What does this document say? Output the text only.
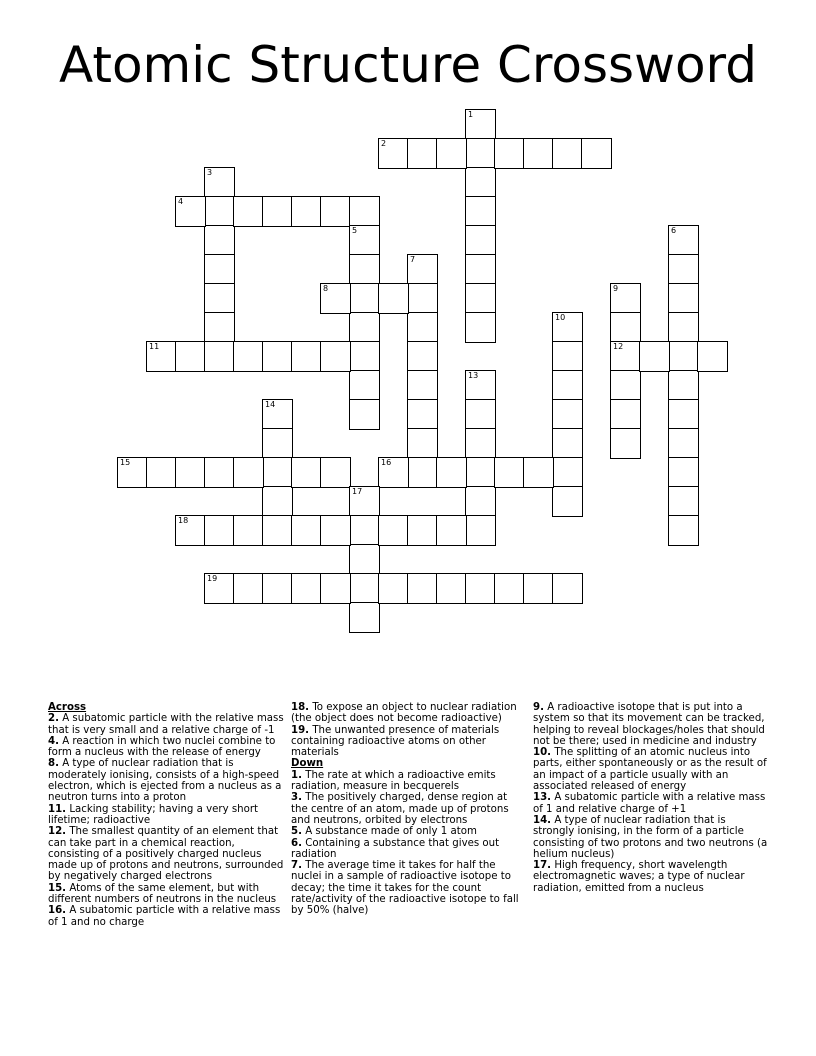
Atomic Structure Crossword
1
2
3
4
5	6
7
8	9
12
10
11
13
14
15	16
17
18
19
Across
2. A subatomic particle with the relative mass that is very small and a relative charge of -1
4. A reaction in which two nuclei combine to form a nucleus with the release of energy
8. A type of nuclear radiation that is moderately ionising, consists of a high-speed electron, which is ejected from a nucleus as a neutron turns into a proton
11. Lacking stability; having a very short lifetime; radioactive
12. The smallest quantity of an element that can take part in a chemical reaction, consisting of a positively charged nucleus made up of protons and neutrons, surrounded by negatively charged electrons
15. Atoms of the same element, but with different numbers of neutrons in the nucleus
16. A subatomic particle with a relative mass of 1 and no charge
18. To expose an object to nuclear radiation (the object does not become radioactive)
19. The unwanted presence of materials containing radioactive atoms on other materials
Down
1. The rate at which a radioactive emits radiation, measure in becquerels
3. The positively charged, dense region at the centre of an atom, made up of protons and neutrons, orbited by electrons
5. A substance made of only 1 atom
6. Containing a substance that gives out radiation
7. The average time it takes for half the nuclei in a sample of radioactive isotope to decay; the time it takes for the count rate/activity of the radioactive isotope to fall by 50% (halve)
9. A radioactive isotope that is put into a system so that its movement can be tracked, helping to reveal blockages/holes that should not be there; used in medicine and industry
10. The splitting of an atomic nucleus into parts, either spontaneously or as the result of an impact of a particle usually with an associated released of energy
13. A subatomic particle with a relative mass of 1 and relative charge of +1
14. A type of nuclear radiation that is strongly ionising, in the form of a particle consisting of two protons and two neutrons (a helium nucleus)
17. High frequency, short wavelength electromagnetic waves; a type of nuclear radiation, emitted from a nucleus
